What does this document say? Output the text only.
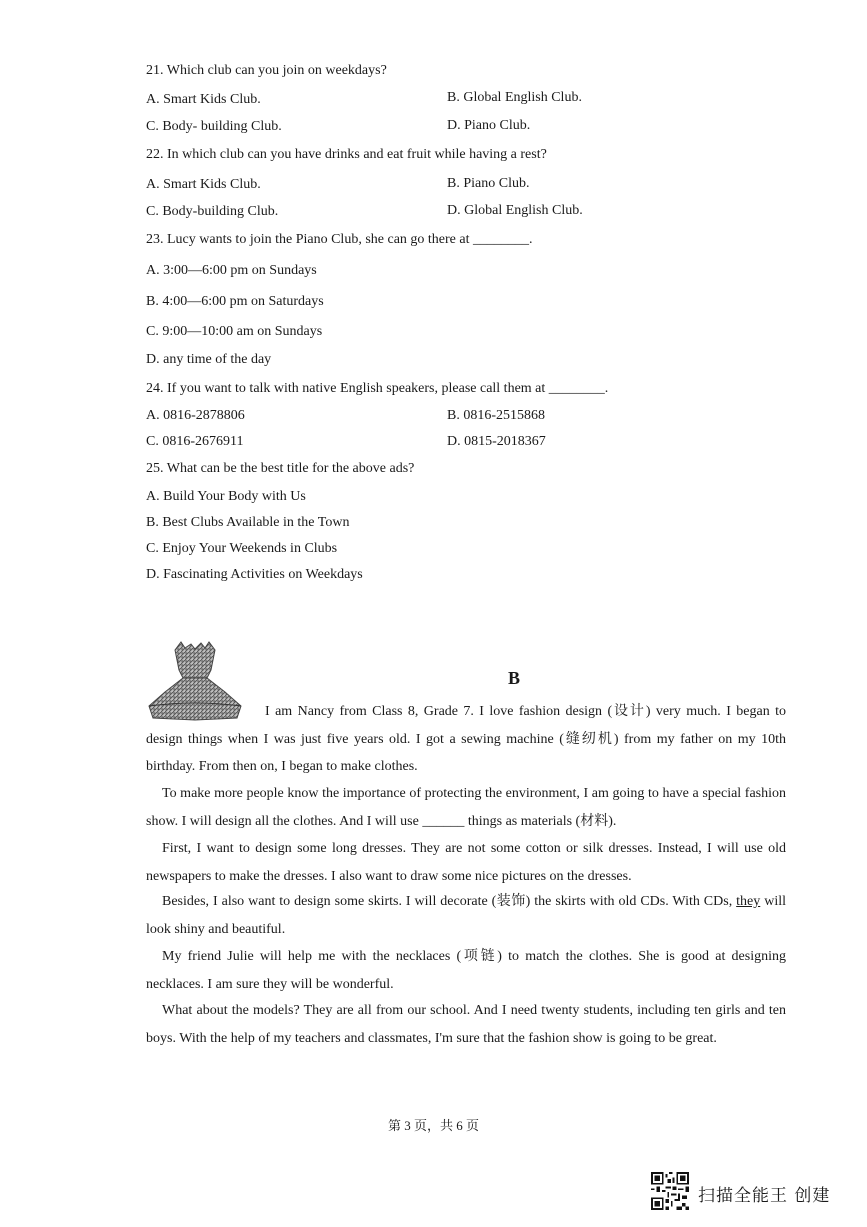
21. Which club can you join on weekdays?
A. Smart Kids Club.	B. Global English Club.
C. Body- building Club.	D. Piano Club.
22. In which club can you have drinks and eat fruit while having a rest?
A. Smart Kids Club.	B. Piano Club.
C. Body-building Club.	D. Global English Club.
23. Lucy wants to join the Piano Club, she can go there at ________.
A. 3:00—6:00 pm on Sundays
B. 4:00—6:00 pm on Saturdays
C. 9:00—10:00 am on Sundays
D. any time of the day
24. If you want to talk with native English speakers, please call them at ________.
A. 0816-2878806	B. 0816-2515868
C. 0816-2676911	D. 0815-2018367
25. What can be the best title for the above ads?
A. Build Your Body with Us
B. Best Clubs Available in the Town
C. Enjoy Your Weekends in Clubs
D. Fascinating Activities on Weekdays
B
I am Nancy from Class 8, Grade 7. I love fashion design (设计) very much. I began to design things when I was just five years old. I got a sewing machine (缝纫机) from my father on my 10th birthday. From then on, I began to make clothes.
To make more people know the importance of protecting the environment, I am going to have a special fashion show. I will design all the clothes. And I will use ______ things as materials (材料).
First, I want to design some long dresses. They are not some cotton or silk dresses. Instead, I will use old newspapers to make the dresses. I also want to draw some nice pictures on the dresses.
Besides, I also want to design some skirts. I will decorate (装饰) the skirts with old CDs. With CDs, they will look shiny and beautiful.
My friend Julie will help me with the necklaces (项链) to match the clothes. She is good at designing necklaces. I am sure they will be wonderful.
What about the models? They are all from our school. And I need twenty students, including ten girls and ten boys. With the help of my teachers and classmates, I'm sure that the fashion show is going to be great.
第 3 页，共 6 页
扫描全能王 创建
